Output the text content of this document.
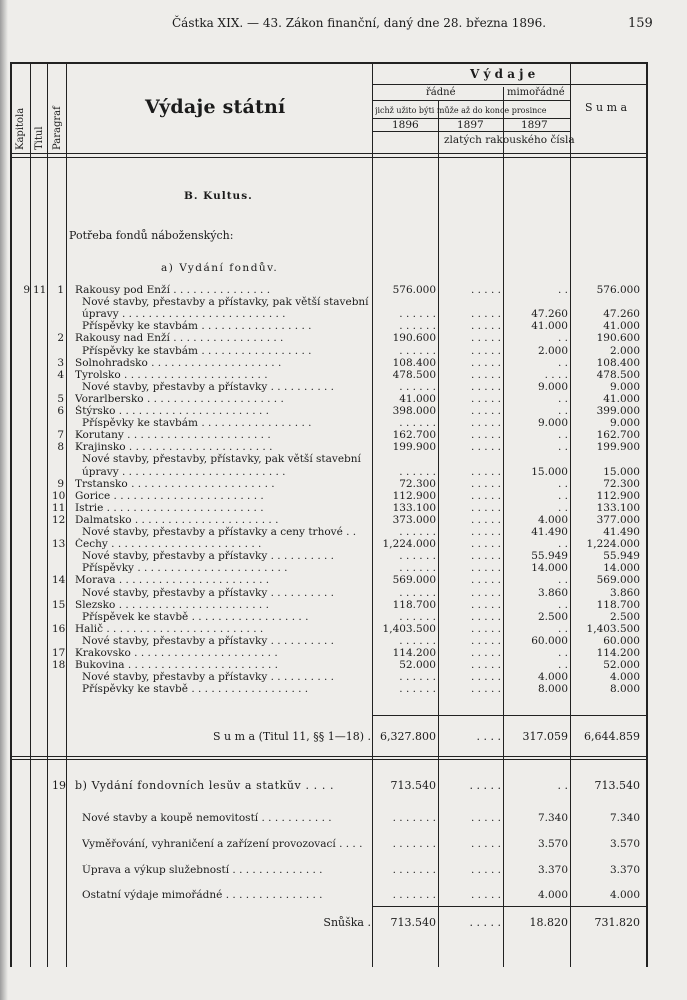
Částka XIX. — 43. Zákon finanční, daný dne 28. března 1896.	159
Kapitola Titul Paragraf	Výdaje státní
V ý d a j e
řádné	mimořádné
jichž užito býti může až do konce prosince
1896	1897	1897
S u m a
zlatých rakouského čísla
B. Kultus.
Potřeba fondů náboženských:
a) Vydání fondův.
9 11	1 Rakousy pod Enží . . . . . . . . . . . . . . .	576.000	. . . . .	. .	576.000
Nové stavby, přestavby a přístavky, pak větší stavební
úpravy . . . . . . . . . . . . . . . . . . . . . . . . .	. . . . . .	. . . . .	47.260	47.260
Příspěvky ke stavbám . . . . . . . . . . . . . . . . .	. . . . . .	. . . . .	41.000	41.000
2 Rakousy nad Enží . . . . . . . . . . . . . . . . .	190.600	. . . . .	. .	190.600
Příspěvky ke stavbám . . . . . . . . . . . . . . . . .	. . . . . .	. . . . .	2.000	2.000
3 Solnohradsko . . . . . . . . . . . . . . . . . . . .	108.400	. . . . .	. .	108.400
4 Tyrolsko . . . . . . . . . . . . . . . . . . . . . .	478.500	. . . . .	. . . .	478.500
Nové stavby, přestavby a přístavky . . . . . . . . . .	. . . . . .	. . . . .	9.000	9.000
5 Vorarlbersko . . . . . . . . . . . . . . . . . . . . .	41.000	. . . . .	. .	41.000
6 Štýrsko . . . . . . . . . . . . . . . . . . . . . . .	398.000	. . . . .	. .	399.000
Příspěvky ke stavbám . . . . . . . . . . . . . . . . .	. . . . . .	. . . . .	9.000	9.000
7 Korutany . . . . . . . . . . . . . . . . . . . . . .	162.700	. . . . .	. .	162.700
8 Krajinsko . . . . . . . . . . . . . . . . . . . . . .	199.900	. . . . .	. .	199.900
Nové stavby, přestavby, přístavky, pak větší stavební
úpravy . . . . . . . . . . . . . . . . . . . . . . . . .	. . . . . .	. . . . .	15.000	15.000
9 Trstansko . . . . . . . . . . . . . . . . . . . . . .	72.300	. . . . .	. .	72.300
10 Gorice . . . . . . . . . . . . . . . . . . . . . . .	112.900	. . . . .	. .	112.900
11 Istrie . . . . . . . . . . . . . . . . . . . . . . . .	133.100	. . . . .	. .	133.100
12 Dalmatsko . . . . . . . . . . . . . . . . . . . . . .	373.000	. . . . .	4.000	377.000
Nové stavby, přestavby a přístavky a ceny trhové . .	. . . . . .	. . . . .	41.490	41.490
13 Čechy . . . . . . . . . . . . . . . . . . . . . . .	1,224.000	. . . . .	. .	1,224.000
Nové stavby, přestavby a přístavky . . . . . . . . . .	. . . . . .	. . . . .	55.949	55.949
Příspěvky . . . . . . . . . . . . . . . . . . . . . . .	. . . . . .	. . . . .	14.000	14.000
14 Morava . . . . . . . . . . . . . . . . . . . . . . .	569.000	. . . . .	. .	569.000
Nové stavby, přestavby a přístavky . . . . . . . . . .	. . . . . .	. . . . .	3.860	3.860
15 Slezsko . . . . . . . . . . . . . . . . . . . . . . .	118.700	. . . . .	. .	118.700
Příspěvek ke stavbě . . . . . . . . . . . . . . . . . .	. . . . . .	. . . . .	2.500	2.500
16 Halič . . . . . . . . . . . . . . . . . . . . . . . .	1,403.500	. . . . .	. .	1,403.500
Nové stavby, přestavby a přístavky . . . . . . . . . .	. . . . . .	. . . . .	60.000	60.000
17 Krakovsko . . . . . . . . . . . . . . . . . . . . . .	114.200	. . . . .	. .	114.200
18 Bukovina . . . . . . . . . . . . . . . . . . . . . . .	52.000	. . . . .	. .	52.000
Nové stavby, přestavby a přístavky . . . . . . . . . .	. . . . . .	. . . . .	4.000	4.000
Příspěvky ke stavbě . . . . . . . . . . . . . . . . . .	. . . . . .	. . . . .	8.000	8.000
S u m a (Titul 11, §§ 1—18) . 6,327.800	. . . .	317.059	6,644.859
19 b) Vydání fondovních lesův a statkův . . . .	713.540	. . . . .	. .	713.540
Nové stavby a koupě nemovitostí . . . . . . . . . . .	. . . . . . .	. . . . .	7.340	7.340
Vyměřování, vyhraničení a zařízení provozovací . . . .	. . . . . . .	. . . . .	3.570	3.570
Úprava a výkup služebností . . . . . . . . . . . . . .	. . . . . . .	. . . . .	3.370	3.370
Ostatní výdaje mimořádné . . . . . . . . . . . . . . .	. . . . . . .	. . . . .	4.000	4.000
Snůška .	713.540	. . . . .	18.820	731.820
